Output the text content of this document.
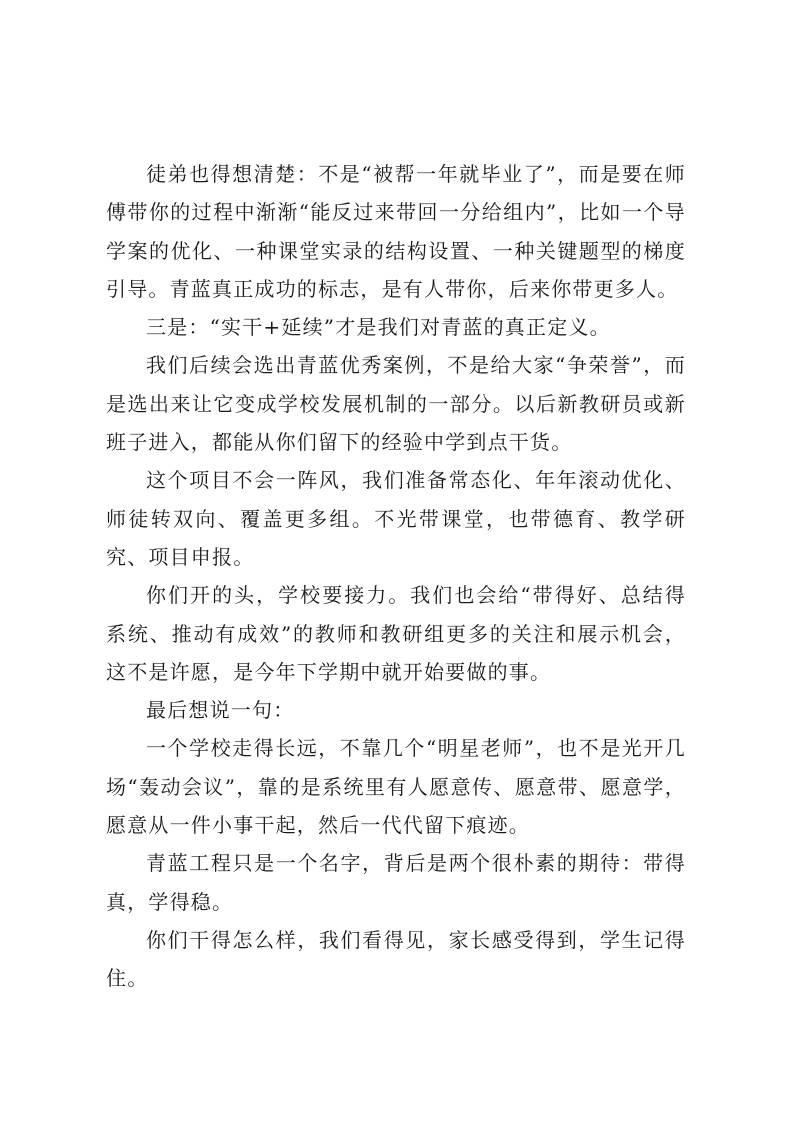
徒弟也得想清楚：不是“被帮一年就毕业了”，而是要在师傅带你的过程中渐渐“能反过来带回一分给组内”，比如一个导学案的优化、一种课堂实录的结构设置、一种关键题型的梯度引导。青蓝真正成功的标志，是有人带你，后来你带更多人。

三是：“实干+延续”才是我们对青蓝的真正定义。

我们后续会选出青蓝优秀案例，不是给大家“争荣誉”，而是选出来让它变成学校发展机制的一部分。以后新教研员或新班子进入，都能从你们留下的经验中学到点干货。

这个项目不会一阵风，我们准备常态化、年年滚动优化、师徒转双向、覆盖更多组。不光带课堂，也带德育、教学研究、项目申报。

你们开的头，学校要接力。我们也会给“带得好、总结得系统、推动有成效”的教师和教研组更多的关注和展示机会，这不是许愿，是今年下学期中就开始要做的事。

最后想说一句：

一个学校走得长远，不靠几个“明星老师”，也不是光开几场“轰动会议”，靠的是系统里有人愿意传、愿意带、愿意学，愿意从一件小事干起，然后一代代留下痕迹。

青蓝工程只是一个名字，背后是两个很朴素的期待：带得真，学得稳。

你们干得怎么样，我们看得见，家长感受得到，学生记得住。
